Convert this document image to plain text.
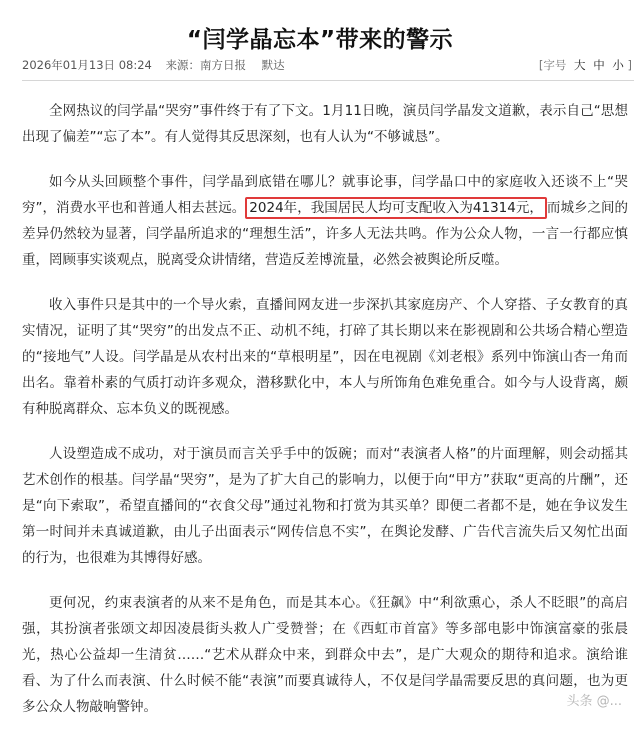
“闫学晶忘本”带来的警示
2026年01月13日 08:24 来源：南方日报 默达	[字号 大 中 小 ]

全网热议的闫学晶“哭穷”事件终于有了下文。1月11日晚，演员闫学晶发文道歉，表示自己“思想出现了偏差”“忘了本”。有人觉得其反思深刻，也有人认为“不够诚恳”。

如今从头回顾整个事件，闫学晶到底错在哪儿？就事论事，闫学晶口中的家庭收入还谈不上“哭穷”，消费水平也和普通人相去甚远。 2024年，我国居民人均可支配收入为41314元， 而城乡之间的差异仍然较为显著，闫学晶所追求的“理想生活”，许多人无法共鸣。作为公众人物，一言一行都应慎重，罔顾事实谈观点，脱离受众讲情绪，营造反差博流量，必然会被舆论所反噬。

收入事件只是其中的一个导火索，直播间网友进一步深扒其家庭房产、个人穿搭、子女教育的真实情况，证明了其“哭穷”的出发点不正、动机不纯，打碎了其长期以来在影视剧和公共场合精心塑造的“接地气”人设。闫学晶是从农村出来的“草根明星”，因在电视剧《刘老根》系列中饰演山杏一角而出名。靠着朴素的气质打动许多观众，潜移默化中，本人与所饰角色难免重合。如今与人设背离，颇有种脱离群众、忘本负义的既视感。

人设塑造成不成功，对于演员而言关乎手中的饭碗；而对“表演者人格”的片面理解，则会动摇其艺术创作的根基。闫学晶“哭穷”，是为了扩大自己的影响力，以便于向“甲方”获取“更高的片酬”，还是“向下索取”，希望直播间的“衣食父母”通过礼物和打赏为其买单？即便二者都不是，她在争议发生第一时间并未真诚道歉，由儿子出面表示“网传信息不实”，在舆论发酵、广告代言流失后又匆忙出面的行为，也很难为其博得好感。

更何况，约束表演者的从来不是角色，而是其本心。《狂飙》中“利欲熏心，杀人不眨眼”的高启强，其扮演者张颂文却因凌晨街头救人广受赞誉；在《西虹市首富》等多部电影中饰演富豪的张晨光，热心公益却一生清贫……“艺术从群众中来，到群众中去”，是广大观众的期待和追求。演给谁看、为了什么而表演、什么时候不能“表演”而要真诚待人，不仅是闫学晶需要反思的真问题，也为更多公众人物敲响警钟。	头条 @...
